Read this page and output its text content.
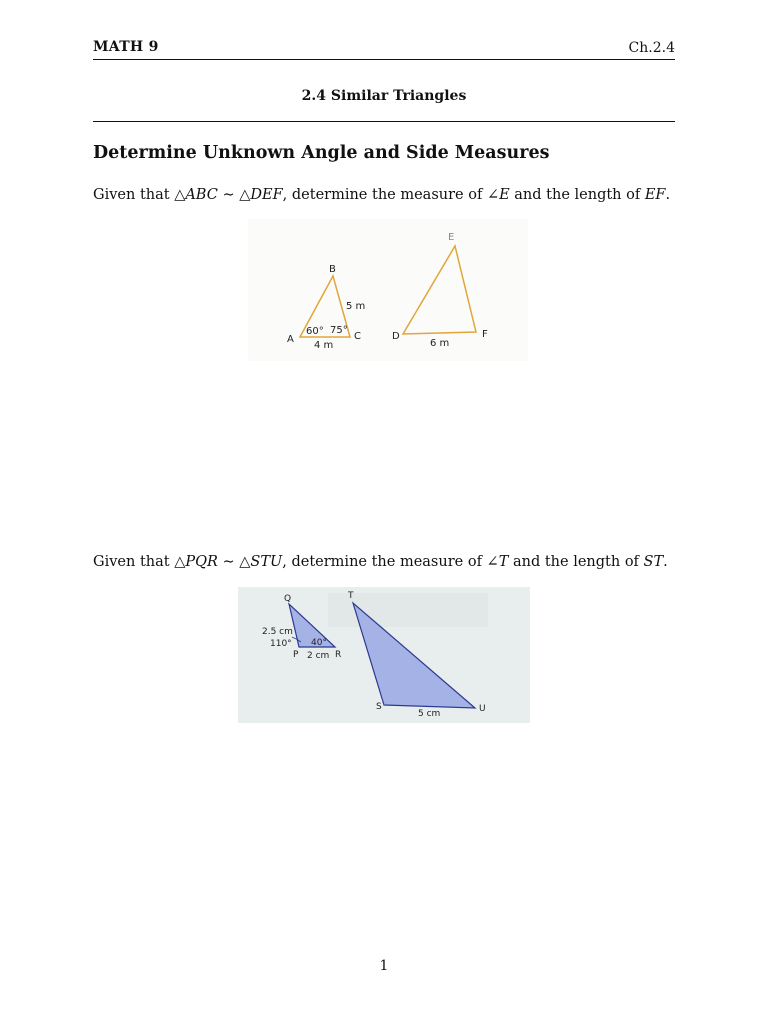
MATH 9	Ch.2.4
2.4 Similar Triangles
Determine Unknown Angle and Side Measures
Given that △ABC ∼ △DEF, determine the measure of ∠E and the length of EF.
B
A	C
5 m
60° 75°
4 m
E
D	F
6 m
Given that △PQR ∼ △STU, determine the measure of ∠T and the length of ST.
Q
2.5 cm
110° 40°
P 2 cm R
T
S
5 cm	U
1
